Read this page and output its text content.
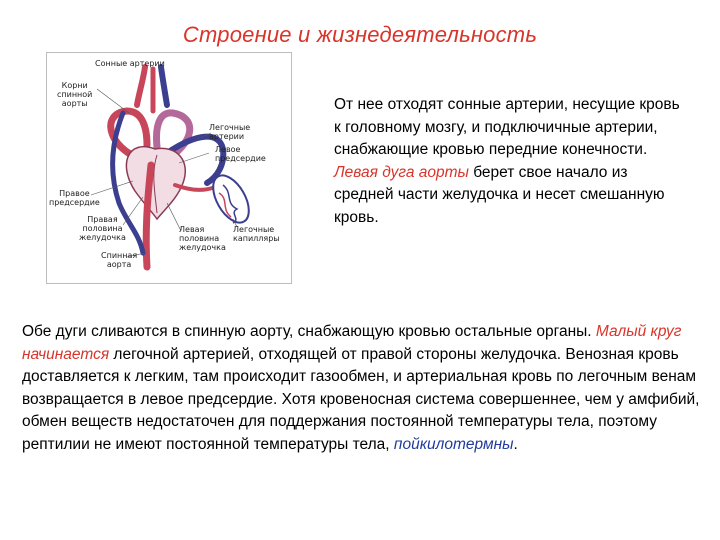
Строение и жизнедеятельность
Сонные артерии
Корни
спинной
аорты
Легочные
артерии
Левое
предсердие
Правое
предсердие
Правая
половина
желудочка
Левая
половина
желудочка
Легочные
капилляры
Спинная
аорта

От нее отходят сонные артерии, несущие кровь к головному мозгу, и подключичные артерии, снабжающие кровью передние конечности.
Левая дуга аорты берет свое начало из средней части желудочка и несет смешанную кровь.

Обе дуги сливаются в спинную аорту, снабжающую кровью остальные органы. Малый круг начинается легочной артерией, отходящей от правой стороны желудочка. Венозная кровь доставляется к легким, там происходит газообмен, и артериальная кровь по легочным венам возвращается в левое предсердие. Хотя кровеносная система совершеннее, чем у амфибий, обмен веществ недостаточен для поддержания постоянной температуры тела, поэтому рептилии не имеют постоянной температуры тела, пойкилотермны.
